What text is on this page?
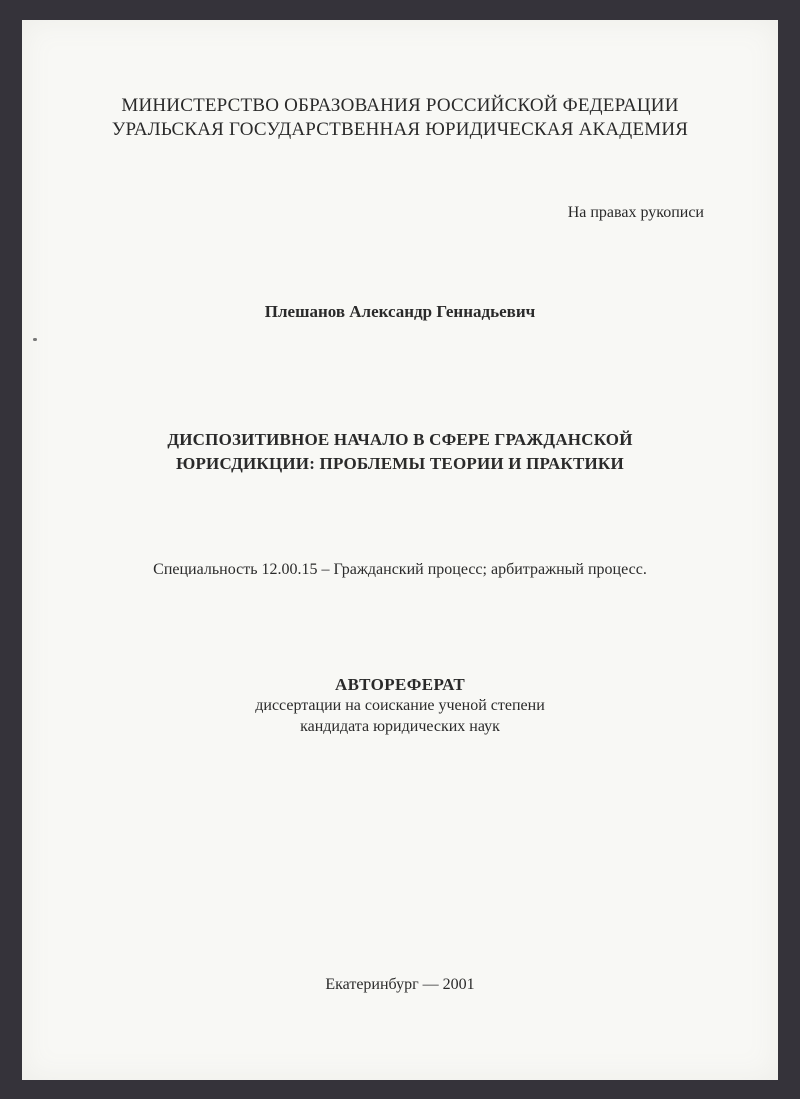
МИНИСТЕРСТВО ОБРАЗОВАНИЯ РОССИЙСКОЙ ФЕДЕРАЦИИ
УРАЛЬСКАЯ ГОСУДАРСТВЕННАЯ ЮРИДИЧЕСКАЯ АКАДЕМИЯ
На правах рукописи
Плешанов Александр Геннадьевич
ДИСПОЗИТИВНОЕ НАЧАЛО В СФЕРЕ ГРАЖДАНСКОЙ
ЮРИСДИКЦИИ: ПРОБЛЕМЫ ТЕОРИИ И ПРАКТИКИ
Специальность 12.00.15 – Гражданский процесс; арбитражный процесс.
АВТОРЕФЕРАТ
диссертации на соискание ученой степени
кандидата юридических наук
Екатеринбург — 2001
